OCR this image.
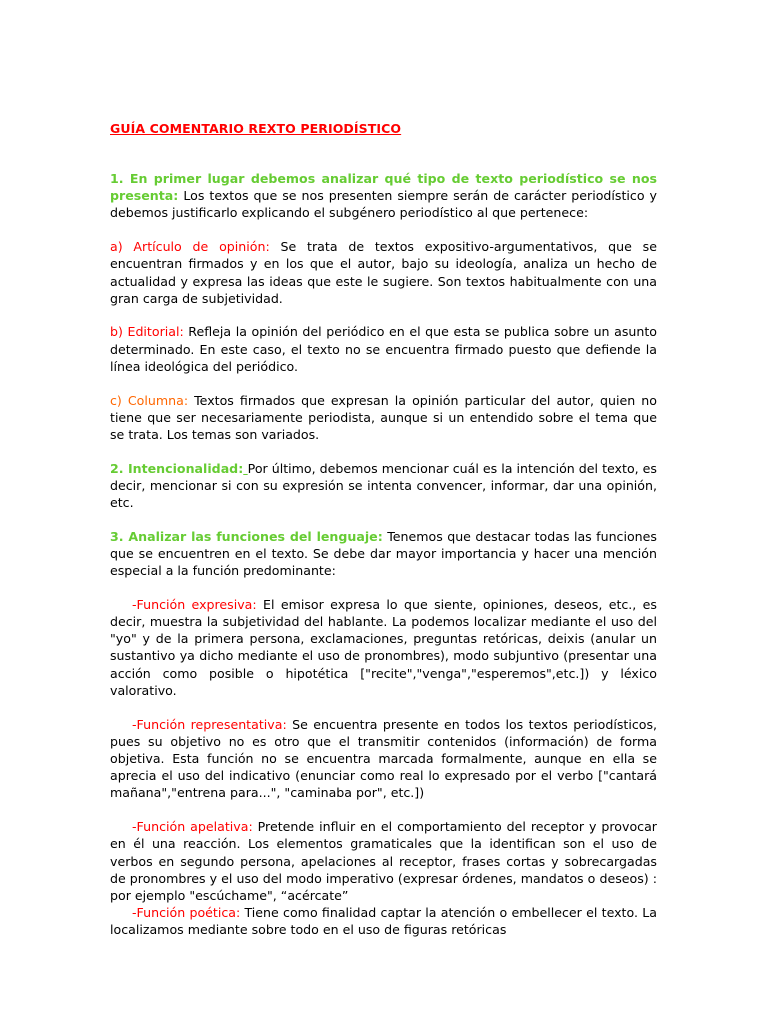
GUÍA COMENTARIO REXTO PERIODÍSTICO

1. En primer lugar debemos analizar qué tipo de texto periodístico se nos presenta: Los textos que se nos presenten siempre serán de carácter periodístico y debemos justificarlo explicando el subgénero periodístico al que pertenece:

a) Artículo de opinión: Se trata de textos expositivo-argumentativos, que se encuentran firmados y en los que el autor, bajo su ideología, analiza un hecho de actualidad y expresa las ideas que este le sugiere. Son textos habitualmente con una gran carga de subjetividad.

b) Editorial: Refleja la opinión del periódico en el que esta se publica sobre un asunto determinado. En este caso, el texto no se encuentra firmado puesto que defiende la línea ideológica del periódico.

c) Columna: Textos firmados que expresan la opinión particular del autor, quien no tiene que ser necesariamente periodista, aunque si un entendido sobre el tema que se trata. Los temas son variados.

2. Intencionalidad: Por último, debemos mencionar cuál es la intención del texto, es decir, mencionar si con su expresión se intenta convencer, informar, dar una opinión, etc.

3. Analizar las funciones del lenguaje: Tenemos que destacar todas las funciones que se encuentren en el texto. Se debe dar mayor importancia y hacer una mención especial a la función predominante:

-Función expresiva: El emisor expresa lo que siente, opiniones, deseos, etc., es decir, muestra la subjetividad del hablante. La podemos localizar mediante el uso del "yo" y de la primera persona, exclamaciones, preguntas retóricas, deixis (anular un sustantivo ya dicho mediante el uso de pronombres), modo subjuntivo (presentar una acción como posible o hipotética ["recite","venga","esperemos",etc.]) y léxico valorativo.

-Función representativa: Se encuentra presente en todos los textos periodísticos, pues su objetivo no es otro que el transmitir contenidos (información) de forma objetiva. Esta función no se encuentra marcada formalmente, aunque en ella se aprecia el uso del indicativo (enunciar como real lo expresado por el verbo ["cantará mañana","entrena para...", "caminaba por", etc.])

-Función apelativa: Pretende influir en el comportamiento del receptor y provocar en él una reacción. Los elementos gramaticales que la identifican son el uso de verbos en segundo persona, apelaciones al receptor, frases cortas y sobrecargadas de pronombres y el uso del modo imperativo (expresar órdenes, mandatos o deseos) : por ejemplo "escúchame", “acércate”

-Función poética: Tiene como finalidad captar la atención o embellecer el texto. La localizamos mediante sobre todo en el uso de figuras retóricas
